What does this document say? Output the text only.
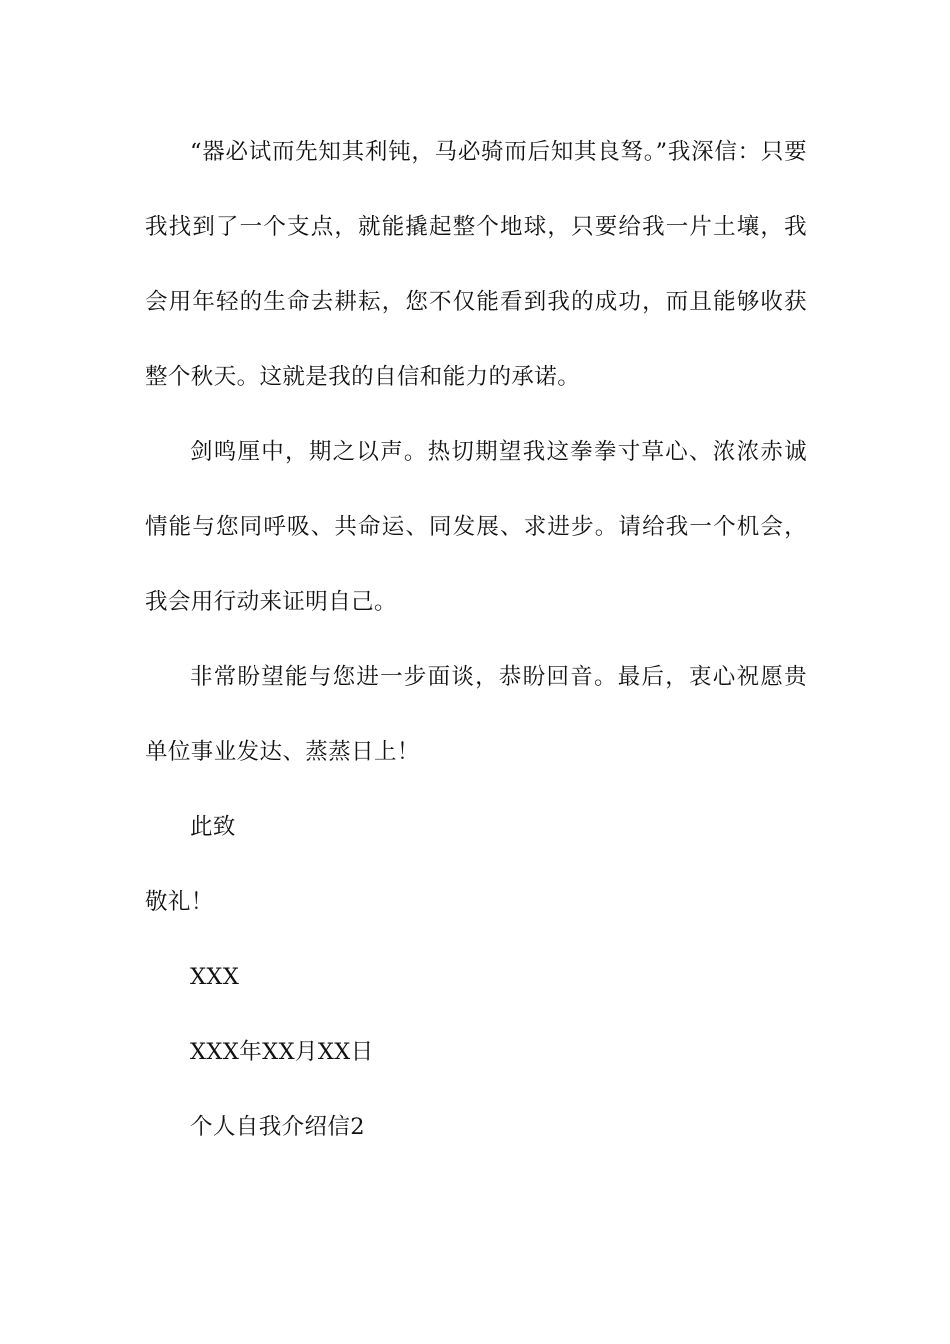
“器必试而先知其利钝，马必骑而后知其良驽。”我深信：只要我找到了一个支点，就能撬起整个地球，只要给我一片土壤，我会用年轻的生命去耕耘，您不仅能看到我的成功，而且能够收获整个秋天。这就是我的自信和能力的承诺。

剑鸣厘中，期之以声。热切期望我这拳拳寸草心、浓浓赤诚情能与您同呼吸、共命运、同发展、求进步。请给我一个机会，我会用行动来证明自己。

非常盼望能与您进一步面谈，恭盼回音。最后，衷心祝愿贵单位事业发达、蒸蒸日上！

此致
敬礼！
XXX
XXX年XX月XX日
个人自我介绍信2
